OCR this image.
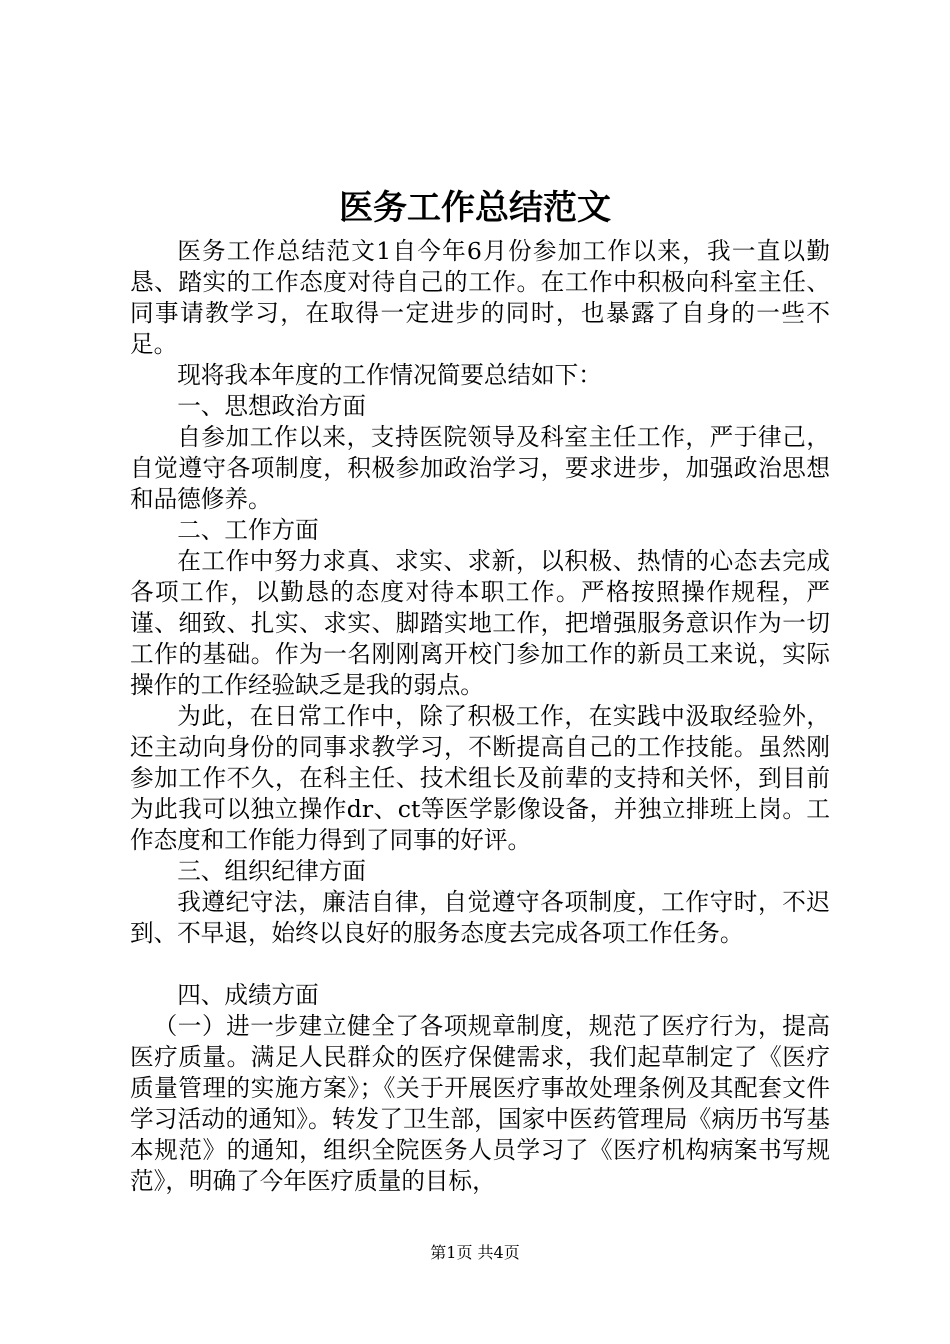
医务工作总结范文

医务工作总结范文1自今年6月份参加工作以来，我一直以勤恳、踏实的工作态度对待自己的工作。在工作中积极向科室主任、同事请教学习，在取得一定进步的同时，也暴露了自身的一些不足。

现将我本年度的工作情况简要总结如下：

一、思想政治方面

自参加工作以来，支持医院领导及科室主任工作，严于律己，自觉遵守各项制度，积极参加政治学习，要求进步，加强政治思想和品德修养。

二、工作方面

在工作中努力求真、求实、求新，以积极、热情的心态去完成各项工作，以勤恳的态度对待本职工作。严格按照操作规程，严谨、细致、扎实、求实、脚踏实地工作，把增强服务意识作为一切工作的基础。作为一名刚刚离开校门参加工作的新员工来说，实际操作的工作经验缺乏是我的弱点。

为此，在日常工作中，除了积极工作，在实践中汲取经验外，还主动向身份的同事求教学习，不断提高自己的工作技能。虽然刚参加工作不久，在科主任、技术组长及前辈的支持和关怀，到目前为此我可以独立操作dr、ct等医学影像设备，并独立排班上岗。工作态度和工作能力得到了同事的好评。

三、组织纪律方面

我遵纪守法，廉洁自律，自觉遵守各项制度，工作守时，不迟到、不早退，始终以良好的服务态度去完成各项工作任务。

四、成绩方面

（一）进一步建立健全了各项规章制度，规范了医疗行为，提高医疗质量。满足人民群众的医疗保健需求，我们起草制定了《医疗质量管理的实施方案》；《关于开展医疗事故处理条例及其配套文件学习活动的通知》。转发了卫生部，国家中医药管理局《病历书写基本规范》的通知，组织全院医务人员学习了《医疗机构病案书写规范》，明确了今年医疗质量的目标，

第1页 共4页
